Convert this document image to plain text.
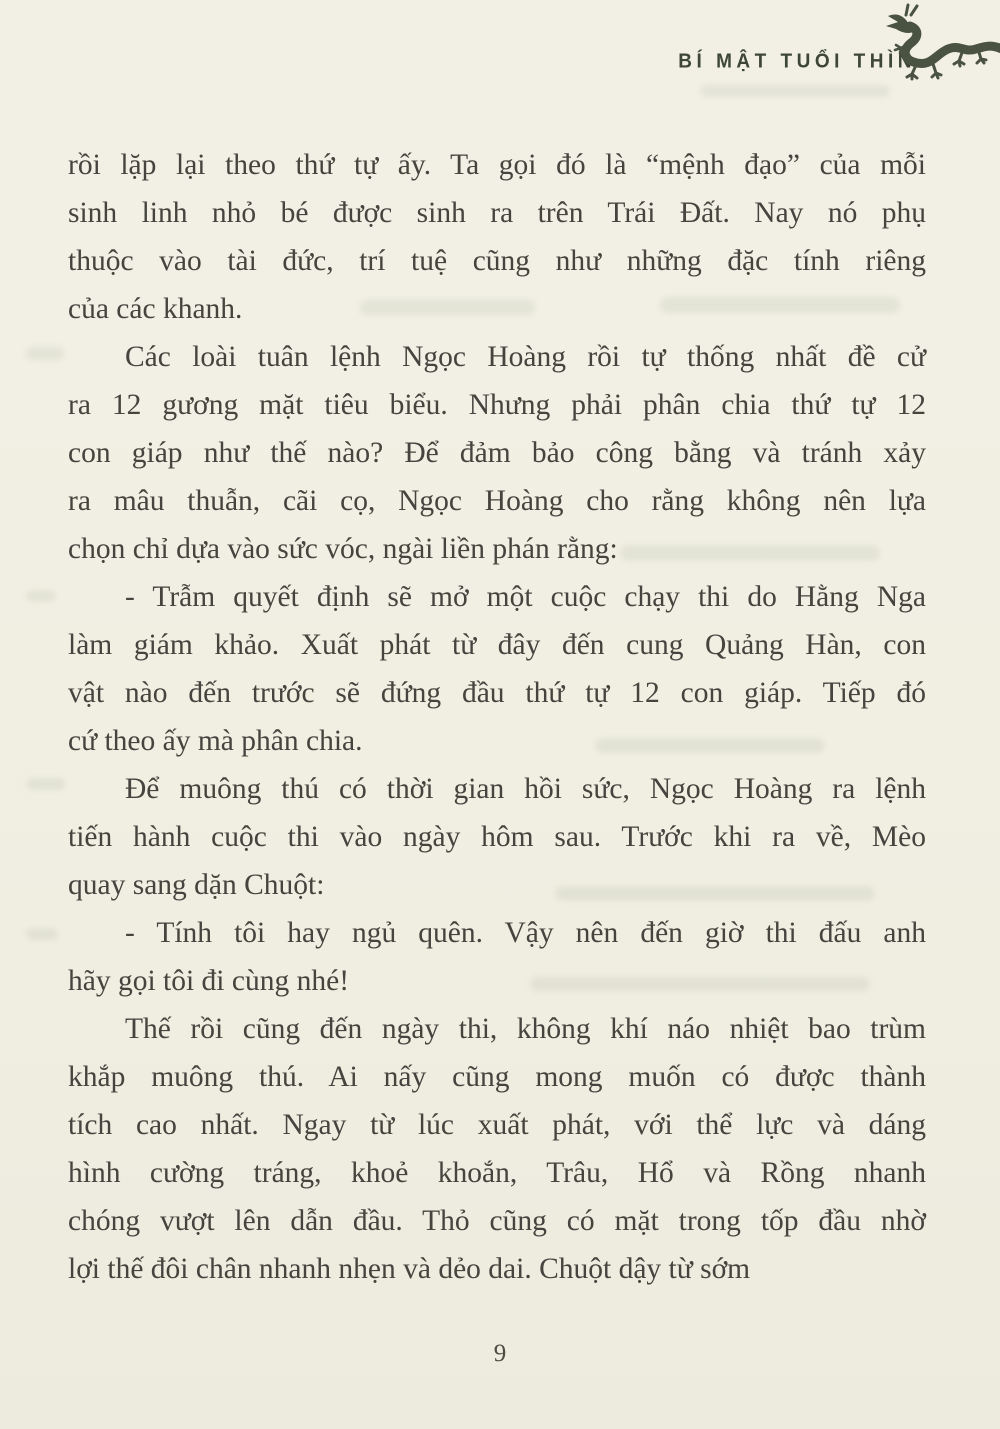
BÍ MẬT TUỔI THÌN
rồi lặp lại theo thứ tự ấy. Ta gọi đó là “mệnh đạo” của mỗi
sinh linh nhỏ bé được sinh ra trên Trái Đất. Nay nó phụ
thuộc vào tài đức, trí tuệ cũng như những đặc tính riêng
của các khanh.
Các loài tuân lệnh Ngọc Hoàng rồi tự thống nhất đề cử
ra 12 gương mặt tiêu biểu. Nhưng phải phân chia thứ tự 12
con giáp như thế nào? Để đảm bảo công bằng và tránh xảy
ra mâu thuẫn, cãi cọ, Ngọc Hoàng cho rằng không nên lựa
chọn chỉ dựa vào sức vóc, ngài liền phán rằng:
- Trẫm quyết định sẽ mở một cuộc chạy thi do Hằng Nga
làm giám khảo. Xuất phát từ đây đến cung Quảng Hàn, con
vật nào đến trước sẽ đứng đầu thứ tự 12 con giáp. Tiếp đó
cứ theo ấy mà phân chia.
Để muông thú có thời gian hồi sức, Ngọc Hoàng ra lệnh
tiến hành cuộc thi vào ngày hôm sau. Trước khi ra về, Mèo
quay sang dặn Chuột:
- Tính tôi hay ngủ quên. Vậy nên đến giờ thi đấu anh
hãy gọi tôi đi cùng nhé!
Thế rồi cũng đến ngày thi, không khí náo nhiệt bao trùm
khắp muông thú. Ai nấy cũng mong muốn có được thành
tích cao nhất. Ngay từ lúc xuất phát, với thể lực và dáng
hình cường tráng, khoẻ khoắn, Trâu, Hổ và Rồng nhanh
chóng vượt lên dẫn đầu. Thỏ cũng có mặt trong tốp đầu nhờ
lợi thế đôi chân nhanh nhẹn và dẻo dai. Chuột dậy từ sớm
9
